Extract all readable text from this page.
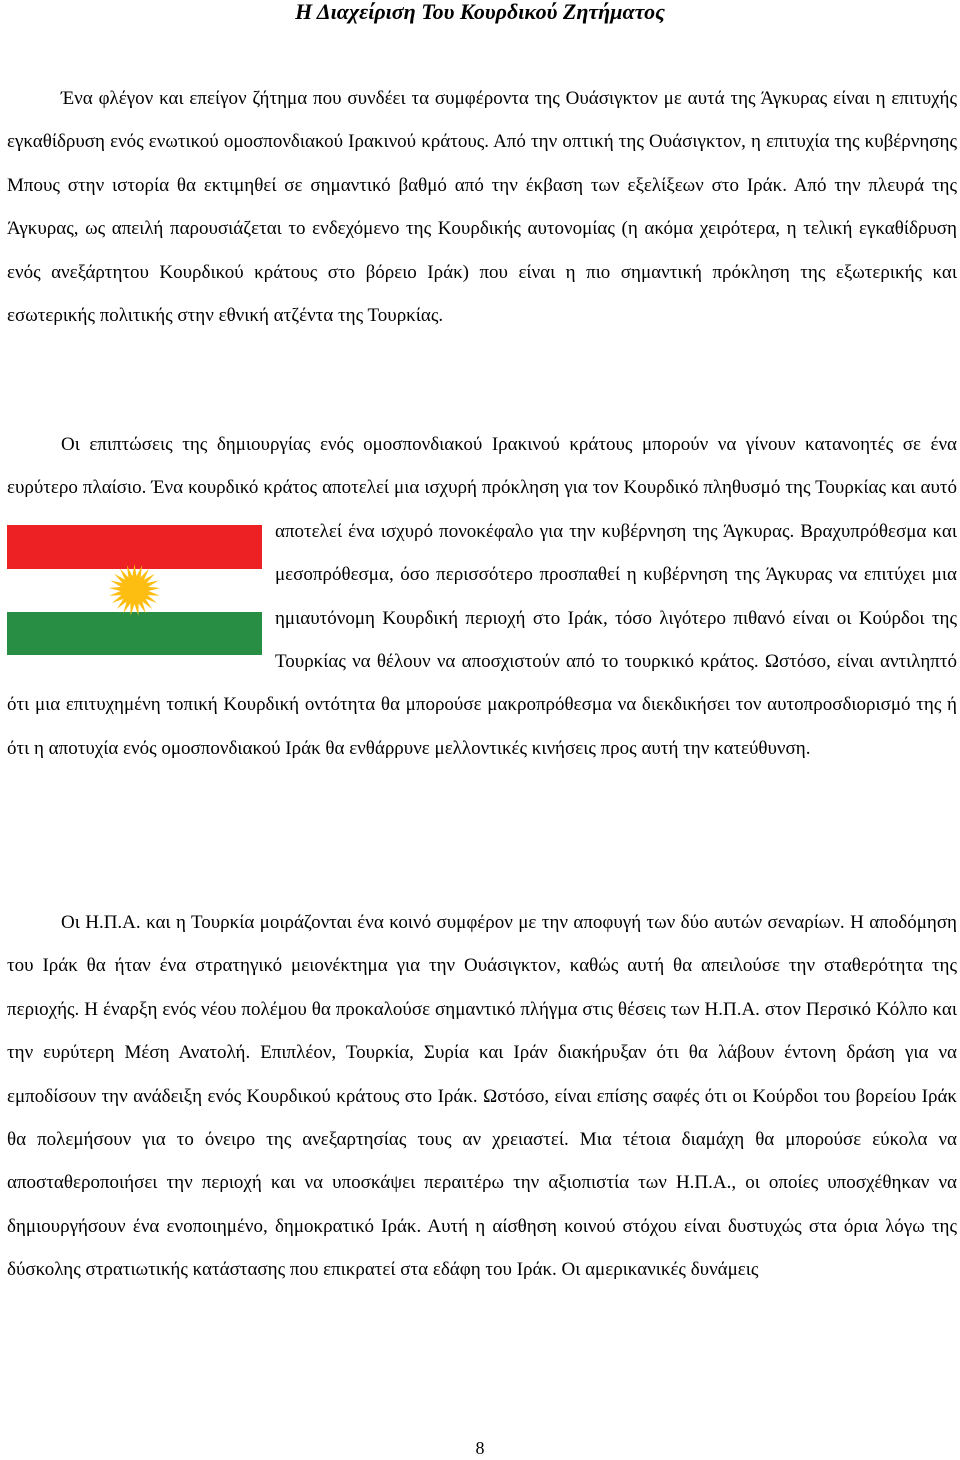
Η Διαχείριση Του Κουρδικού Ζητήματος

Ένα φλέγον και επείγον ζήτημα που συνδέει τα συμφέροντα της Ουάσιγκτον με αυτά της Άγκυρας είναι η επιτυχής εγκαθίδρυση ενός ενωτικού ομοσπονδιακού Ιρακινού κράτους. Από την οπτική της Ουάσιγκτον, η επιτυχία της κυβέρνησης Μπους στην ιστορία θα εκτιμηθεί σε σημαντικό βαθμό από την έκβαση των εξελίξεων στο Ιράκ. Από την πλευρά της Άγκυρας, ως απειλή παρουσιάζεται το ενδεχόμενο της Κουρδικής αυτονομίας (η ακόμα χειρότερα, η τελική εγκαθίδρυση ενός ανεξάρτητου Κουρδικού κράτους στο βόρειο Ιράκ) που είναι η πιο σημαντική πρόκληση της εξωτερικής και εσωτερικής πολιτικής στην εθνική ατζέντα της Τουρκίας.

Οι επιπτώσεις της δημιουργίας ενός ομοσπονδιακού Ιρακινού κράτους μπορούν να γίνουν κατανοητές σε ένα ευρύτερο πλαίσιο. Ένα κουρδικό κράτος αποτελεί μια ισχυρή πρόκληση για τον Κουρδικό πληθυσμό της Τουρκίας και αυτό αποτελεί ένα ισχυρό πονοκέφαλο για την κυβέρνηση της Άγκυρας. Βραχυπρόθεσμα και μεσοπρόθεσμα, όσο περισσότερο προσπαθεί η κυβέρνηση της Άγκυρας να επιτύχει μια ημιαυτόνομη Κουρδική περιοχή στο Ιράκ, τόσο λιγότερο πιθανό είναι οι Κούρδοι της Τουρκίας να θέλουν να αποσχιστούν από το τουρκικό κράτος. Ωστόσο, είναι αντιληπτό ότι μια επιτυχημένη τοπική Κουρδική οντότητα θα μπορούσε μακροπρόθεσμα να διεκδικήσει τον αυτοπροσδιορισμό της ή ότι η αποτυχία ενός ομοσπονδιακού Ιράκ θα ενθάρρυνε μελλοντικές κινήσεις προς αυτή την κατεύθυνση.

Οι Η.Π.Α. και η Τουρκία μοιράζονται ένα κοινό συμφέρον με την αποφυγή των δύο αυτών σεναρίων. Η αποδόμηση του Ιράκ θα ήταν ένα στρατηγικό μειονέκτημα για την Ουάσιγκτον, καθώς αυτή θα απειλούσε την σταθερότητα της περιοχής. Η έναρξη ενός νέου πολέμου θα προκαλούσε σημαντικό πλήγμα στις θέσεις των Η.Π.Α. στον Περσικό Κόλπο και την ευρύτερη Μέση Ανατολή. Επιπλέον, Τουρκία, Συρία και Ιράν διακήρυξαν ότι θα λάβουν έντονη δράση για να εμποδίσουν την ανάδειξη ενός Κουρδικού κράτους στο Ιράκ. Ωστόσο, είναι επίσης σαφές ότι οι Κούρδοι του βορείου Ιράκ θα πολεμήσουν για το όνειρο της ανεξαρτησίας τους αν χρειαστεί. Μια τέτοια διαμάχη θα μπορούσε εύκολα να αποσταθεροποιήσει την περιοχή και να υποσκάψει περαιτέρω την αξιοπιστία των Η.Π.Α., οι οποίες υποσχέθηκαν να δημιουργήσουν ένα ενοποιημένο, δημοκρατικό Ιράκ. Αυτή η αίσθηση κοινού στόχου είναι δυστυχώς στα όρια λόγω της δύσκολης στρατιωτικής κατάστασης που επικρατεί στα εδάφη του Ιράκ. Οι αμερικανικές δυνάμεις

8
